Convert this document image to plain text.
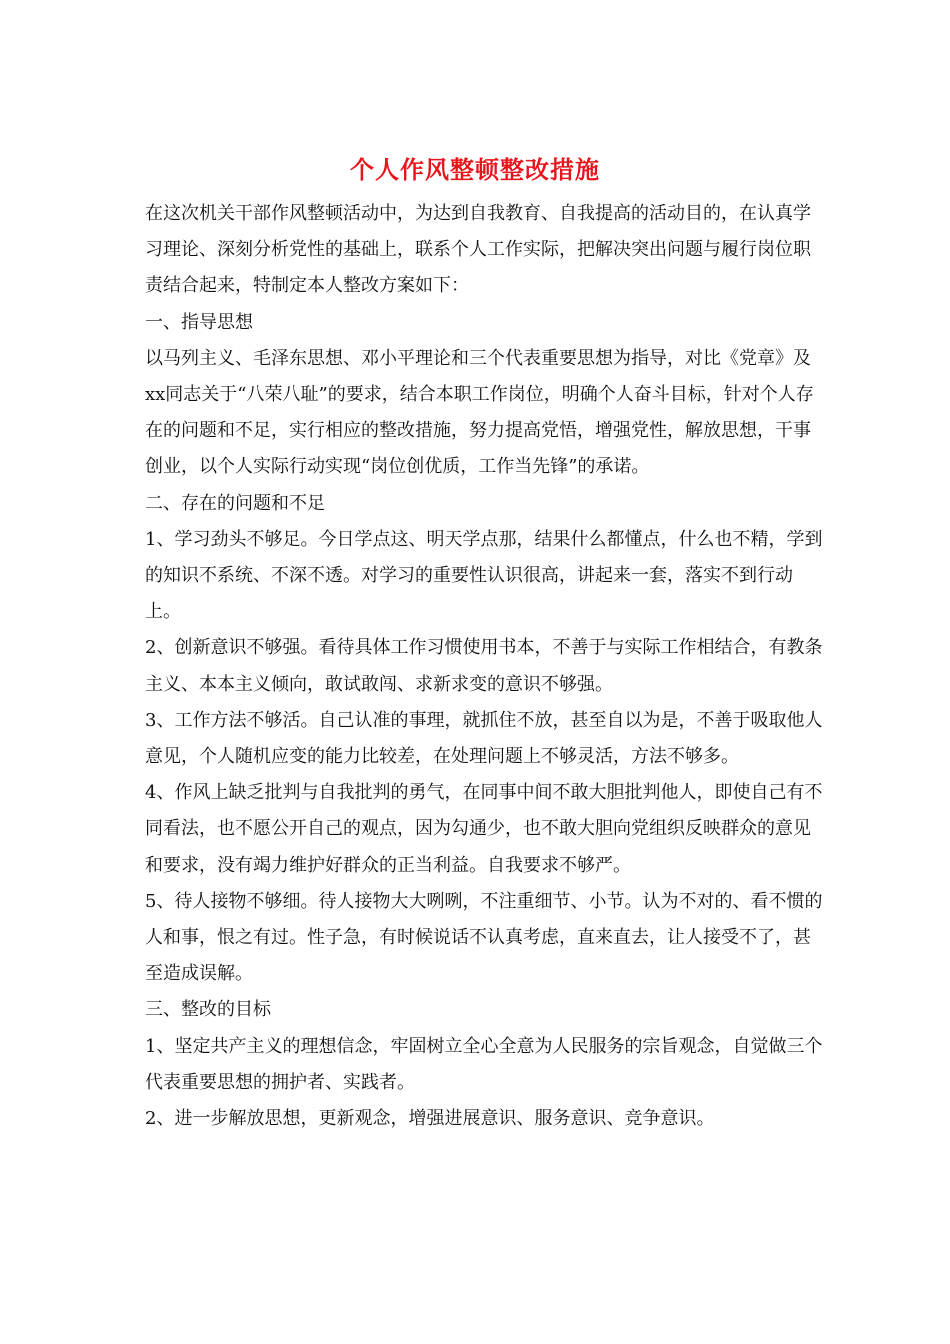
个人作风整顿整改措施

在这次机关干部作风整顿活动中，为达到自我教育、自我提高的活动目的，在认真学习理论、深刻分析党性的基础上，联系个人工作实际，把解决突出问题与履行岗位职责结合起来，特制定本人整改方案如下：

一、指导思想

以马列主义、毛泽东思想、邓小平理论和三个代表重要思想为指导，对比《党章》及xx同志关于“八荣八耻”的要求，结合本职工作岗位，明确个人奋斗目标，针对个人存在的问题和不足，实行相应的整改措施，努力提高党悟，增强党性，解放思想，干事创业，以个人实际行动实现“岗位创优质，工作当先锋”的承诺。

二、存在的问题和不足

1、学习劲头不够足。今日学点这、明天学点那，结果什么都懂点，什么也不精，学到的知识不系统、不深不透。对学习的重要性认识很高，讲起来一套，落实不到行动上。

2、创新意识不够强。看待具体工作习惯使用书本，不善于与实际工作相结合，有教条主义、本本主义倾向，敢试敢闯、求新求变的意识不够强。

3、工作方法不够活。自己认准的事理，就抓住不放，甚至自以为是，不善于吸取他人意见，个人随机应变的能力比较差，在处理问题上不够灵活，方法不够多。

4、作风上缺乏批判与自我批判的勇气，在同事中间不敢大胆批判他人，即使自己有不同看法，也不愿公开自己的观点，因为勾通少，也不敢大胆向党组织反映群众的意见和要求，没有竭力维护好群众的正当利益。自我要求不够严。

5、待人接物不够细。待人接物大大咧咧，不注重细节、小节。认为不对的、看不惯的人和事，恨之有过。性子急，有时候说话不认真考虑，直来直去，让人接受不了，甚至造成误解。

三、整改的目标

1、坚定共产主义的理想信念，牢固树立全心全意为人民服务的宗旨观念，自觉做三个代表重要思想的拥护者、实践者。

2、进一步解放思想，更新观念，增强进展意识、服务意识、竞争意识。
